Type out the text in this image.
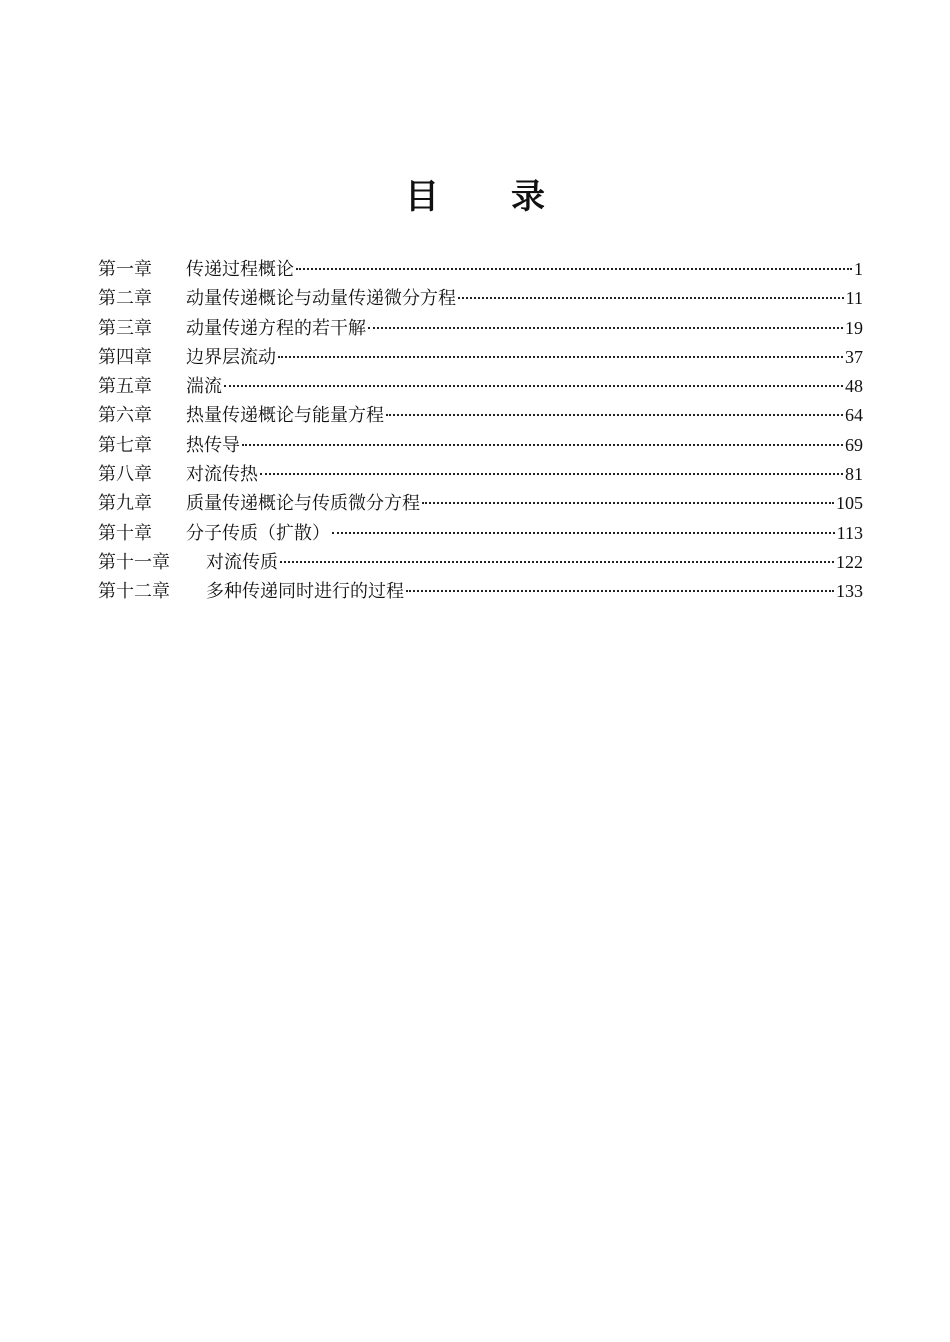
目 录
第一章	传递过程概论	1
第二章	动量传递概论与动量传递微分方程	11
第三章	动量传递方程的若干解	19
第四章	边界层流动	37
第五章	湍流	48
第六章	热量传递概论与能量方程	64
第七章	热传导	69
第八章	对流传热	81
第九章	质量传递概论与传质微分方程	105
第十章	分子传质（扩散）	113
第十一章	对流传质	122
第十二章	多种传递同时进行的过程	133
